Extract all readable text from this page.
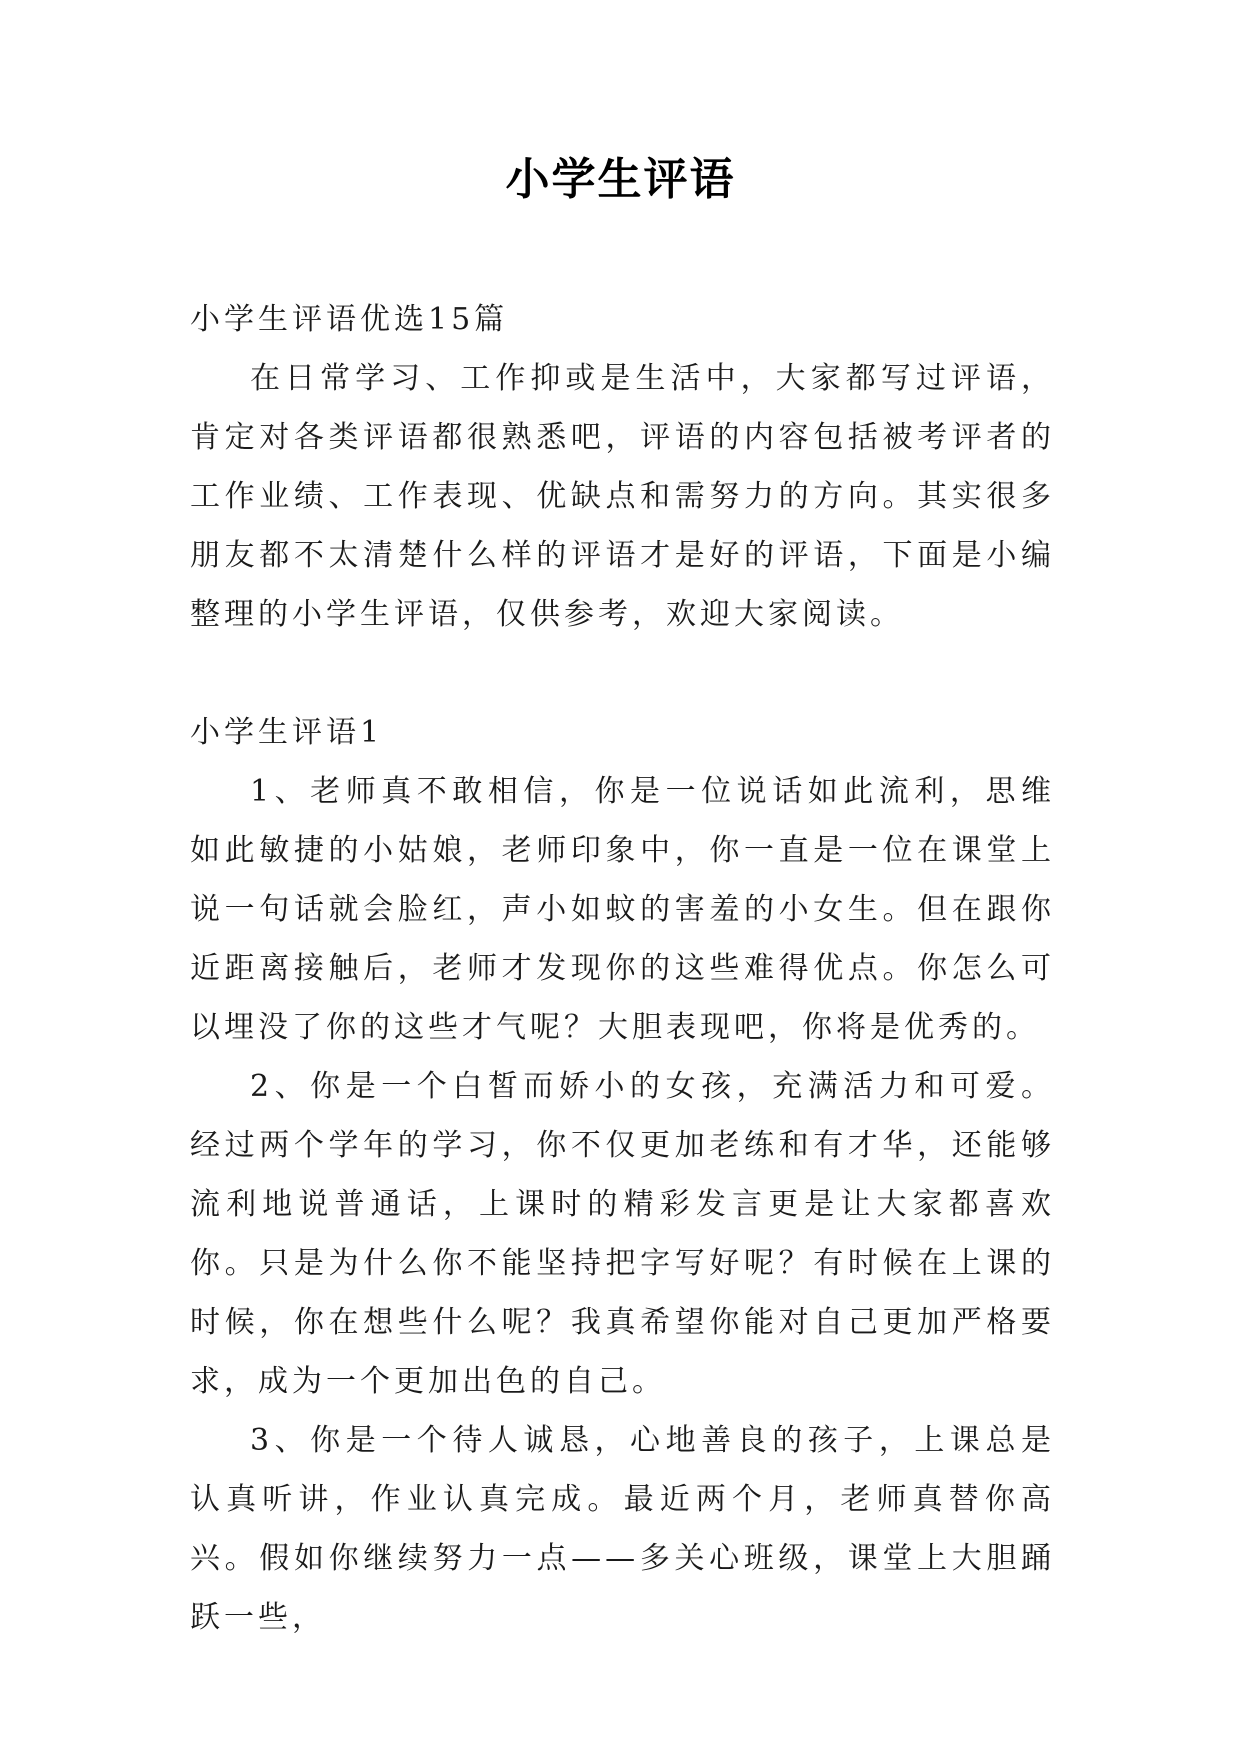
小学生评语

小学生评语优选15篇

在日常学习、工作抑或是生活中，大家都写过评语，肯定对各类评语都很熟悉吧，评语的内容包括被考评者的工作业绩、工作表现、优缺点和需努力的方向。其实很多朋友都不太清楚什么样的评语才是好的评语，下面是小编整理的小学生评语，仅供参考，欢迎大家阅读。

小学生评语1

1、老师真不敢相信，你是一位说话如此流利，思维如此敏捷的小姑娘，老师印象中，你一直是一位在课堂上说一句话就会脸红，声小如蚊的害羞的小女生。但在跟你近距离接触后，老师才发现你的这些难得优点。你怎么可以埋没了你的这些才气呢？大胆表现吧，你将是优秀的。

2、你是一个白皙而娇小的女孩，充满活力和可爱。经过两个学年的学习，你不仅更加老练和有才华，还能够流利地说普通话，上课时的精彩发言更是让大家都喜欢你。只是为什么你不能坚持把字写好呢？有时候在上课的时候，你在想些什么呢？我真希望你能对自己更加严格要求，成为一个更加出色的自己。

3、你是一个待人诚恳，心地善良的孩子，上课总是认真听讲，作业认真完成。最近两个月，老师真替你高兴。假如你继续努力一点——多关心班级，课堂上大胆踊跃一些，
